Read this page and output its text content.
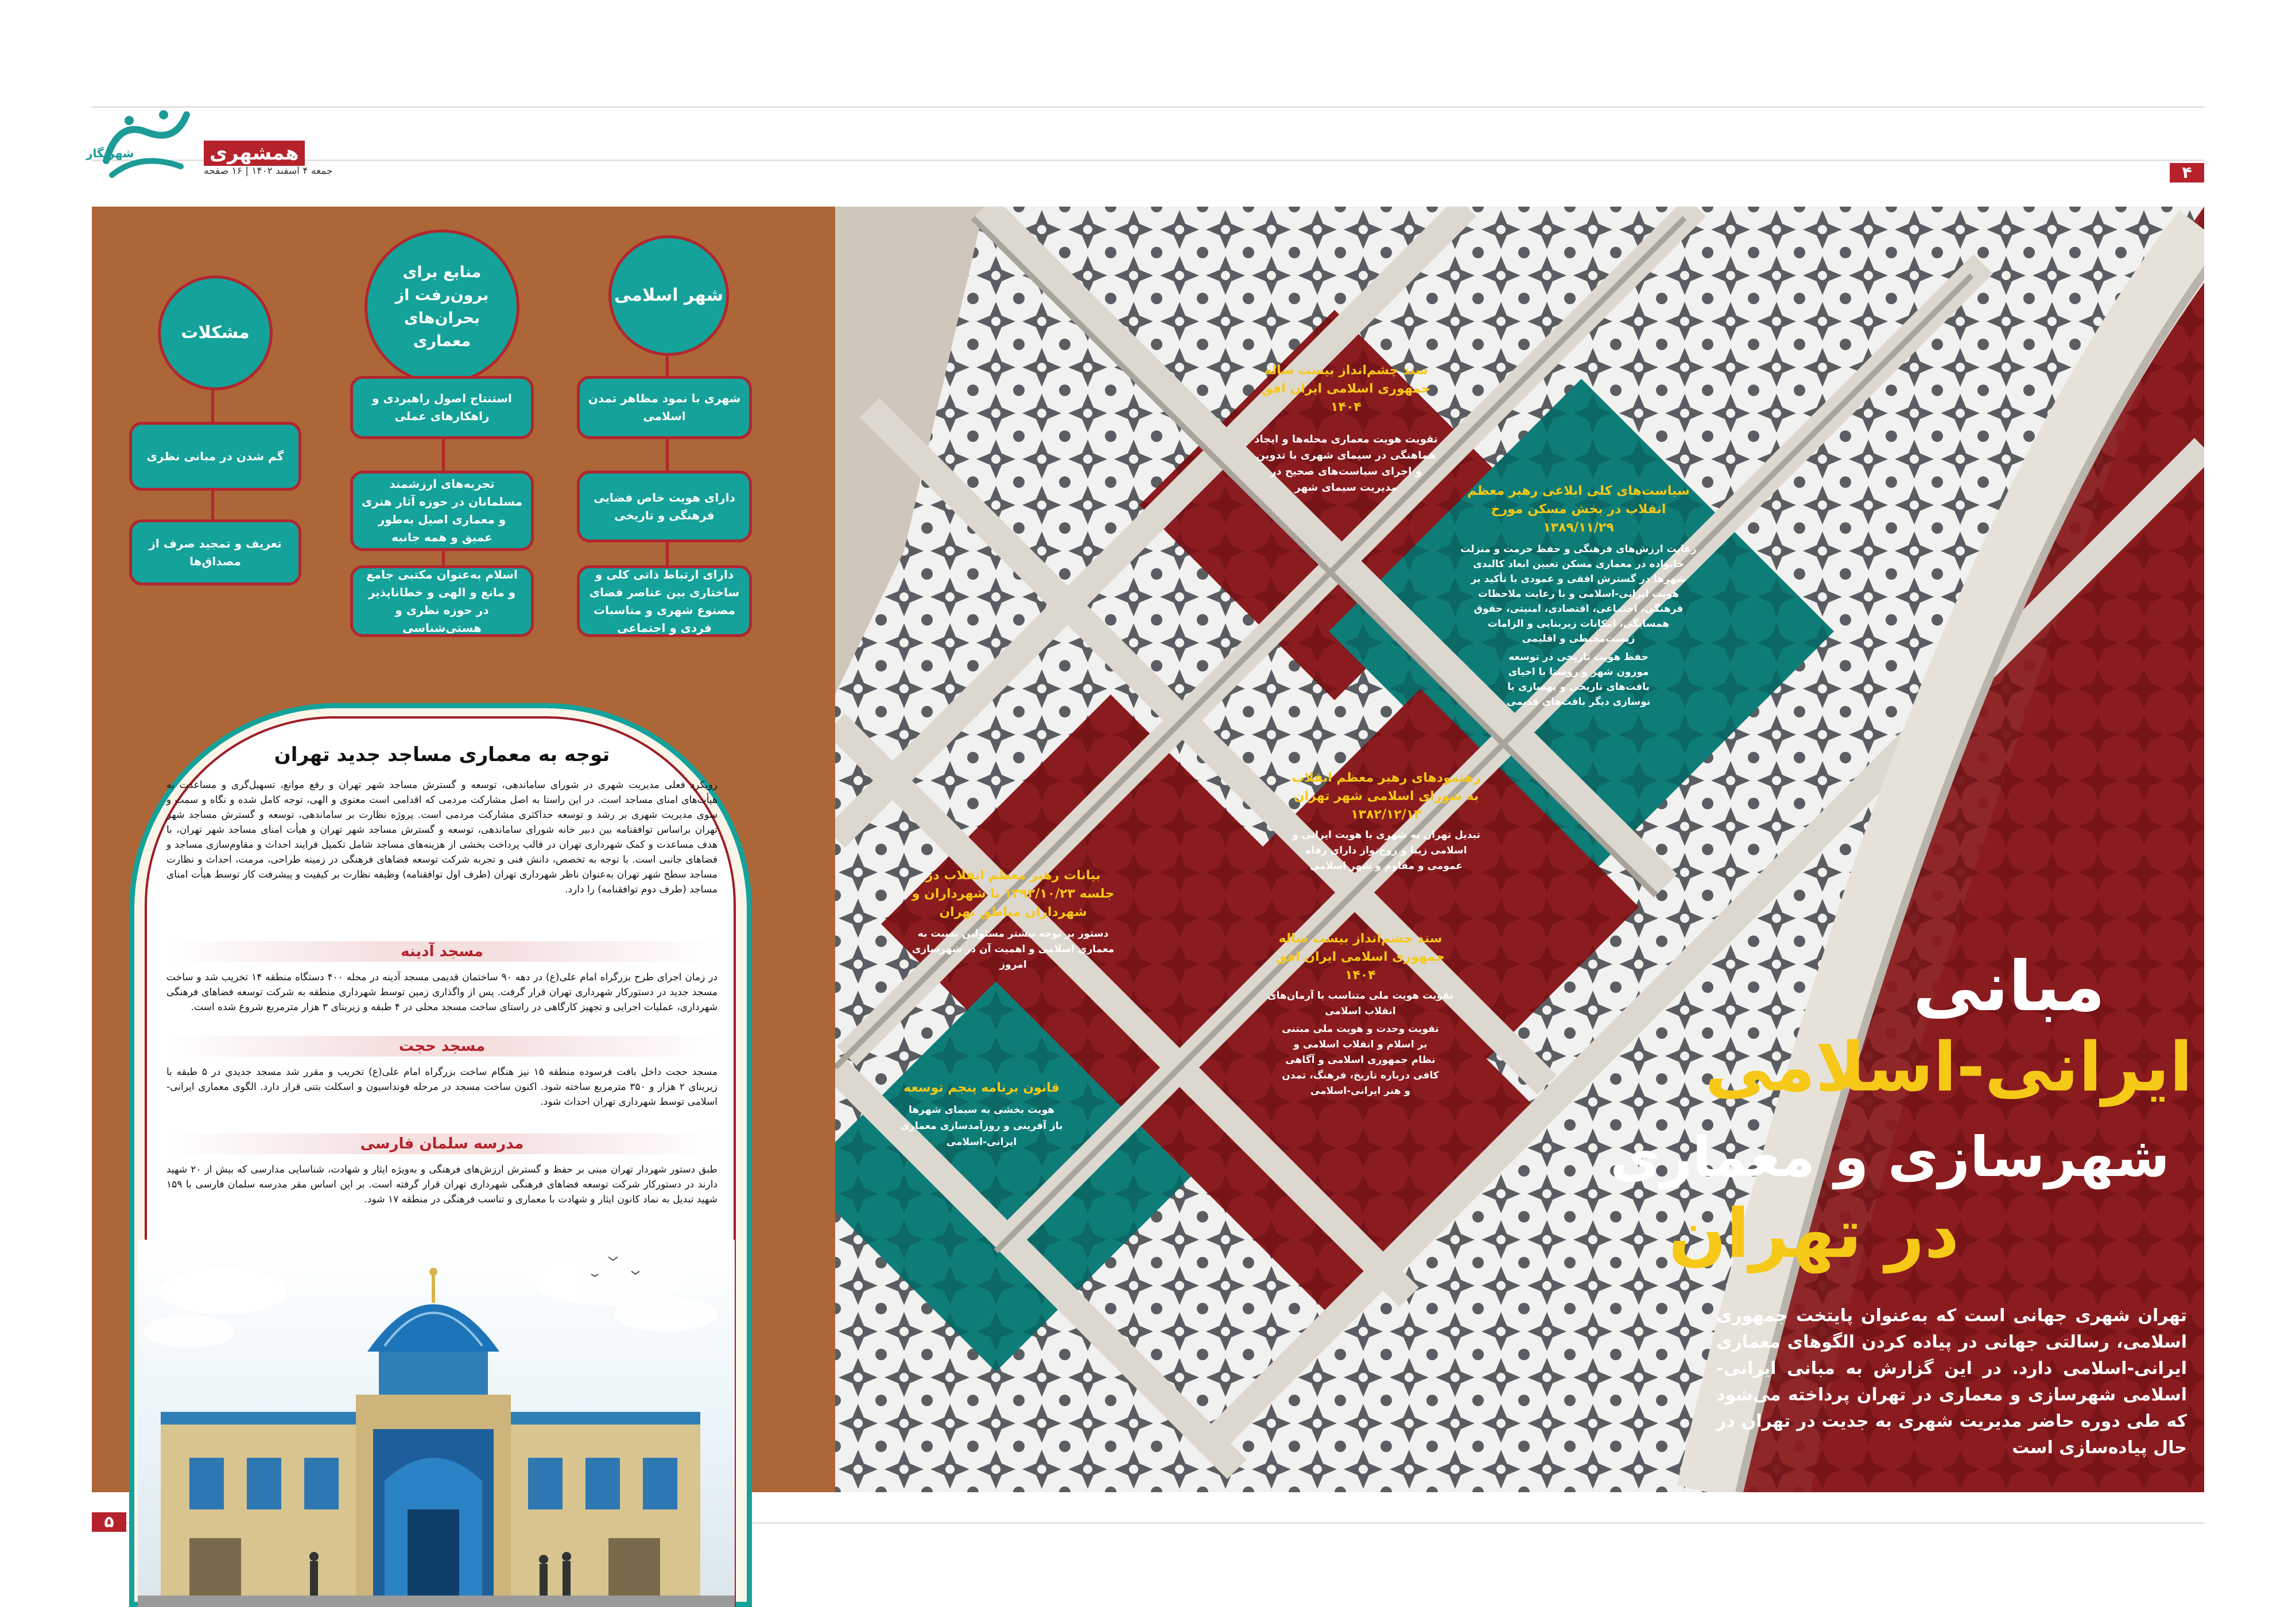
شهرنگار	همشهری
جمعه ۴ اسفند ۱۴۰۲ | ۱۶ صفحه	۴
۵
شهر اسلامی
شهری با نمود مظاهر تمدن اسلامی
دارای هویت خاص فضایی فرهنگی و تاریخی
دارای ارتباط ذاتی کلی و ساختاری بین عناصر فضای مصنوع شهری و مناسبات فردی و اجتماعی
منابع برای برون‌رفت از بحران‌های معماری
استنتاج اصول راهبردی و راهکارهای عملی
تجربه‌های ارزشمند مسلمانان در حوزه آثار هنری و معماری اصیل به‌طور عمیق و همه جانبه
اسلام به‌عنوان مکتبی جامع و مانع و الهی و خطاناپذیر در حوزه نظری و هستی‌شناسی
مشکلات
گم شدن در مبانی نظری
تعریف و تمجید صرف از مصداق‌ها
توجه به معماری مساجد جدید تهران
رویکرد فعلی مدیریت شهری در شورای ساماندهی، توسعه و گسترش مساجد شهر تهران و رفع موانع، تسهیل‌گری و مساعدت به هیأت‌های امنای مساجد است. در این راستا به اصل مشارکت مردمی که اقدامی است معنوی و الهی، توجه کامل شده و نگاه و سمت و سوی مدیریت شهری بر رشد و توسعه حداکثری مشارکت مردمی است. پروژه نظارت بر ساماندهی، توسعه و گسترش مساجد شهر تهران براساس توافقنامه بین دبیر خانه شورای ساماندهی، توسعه و گسترش مساجد شهر تهران و هیأت امنای مساجد شهر تهران، با هدف مساعدت و کمک شهرداری تهران در قالب پرداخت بخشی از هزینه‌های مساجد شامل تکمیل فرایند احداث و مقاوم‌سازی مساجد و فضاهای جانبی است. با توجه به تخصص، دانش فنی و تجربه شرکت توسعه فضاهای فرهنگی در زمینه طراحی، مرمت، احداث و نظارت مساجد سطح شهر تهران به‌عنوان ناظر شهرداری تهران (طرف اول توافقنامه) وظیفه نظارت بر کیفیت و پیشرفت کار توسط هیأت امنای مساجد (طرف دوم توافقنامه) را دارد.
مسجد آدینه
در زمان اجرای طرح بزرگراه امام علی(ع) در دهه ۹۰ ساختمان قدیمی مسجد آدینه در محله ۴۰۰ دستگاه منطقه ۱۴ تخریب شد و ساخت مسجد جدید در دستورکار شهرداری تهران قرار گرفت. پس از واگذاری زمین توسط شهرداری منطقه به شرکت توسعه فضاهای فرهنگی شهرداری، عملیات اجرایی و تجهیز کارگاهی در راستای ساخت مسجد محلی در ۴ طبقه و زیربنای ۳ هزار مترمربع شروع شده است.
مسجد حجت
مسجد حجت داخل بافت فرسوده منطقه ۱۵ نیز هنگام ساخت بزرگراه امام علی(ع) تخریب و مقرر شد مسجد جدیدی در ۵ طبقه با زیربنای ۲ هزار و ۳۵۰ مترمربع ساخته شود. اکنون ساخت مسجد در مرحله فونداسیون و اسکلت بتنی قرار دارد. الگوی معماری ایرانی-اسلامی توسط شهرداری تهران احداث شود.
مدرسه سلمان فارسی
طبق دستور شهردار تهران مبنی بر حفظ و گسترش ارزش‌های فرهنگی و به‌ویژه ایثار و شهادت، شناسایی مدارسی که بیش از ۲۰ شهید دارند در دستورکار شرکت توسعه فضاهای فرهنگی شهرداری تهران قرار گرفته است. بر این اساس مقر مدرسه سلمان فارسی با ۱۵۹ شهید تبدیل به نماد کانون ایثار و شهادت با معماری و تناسب فرهنگی در منطقه ۱۷ شود.
سند چشم‌انداز بیست ساله جمهوری اسلامی ایران افق ۱۴۰۴
تقویت هویت معماری محله‌ها و ایجاد هماهنگی در سیمای شهری با تدوین و اجرای سیاست‌های صحیح در مدیریت سیمای شهر	سیاست‌های کلی ابلاغی رهبر معظم انقلاب در بخش مسکن مورخ ۱۳۸۹/۱۱/۲۹
رعایت ارزش‌های فرهنگی و حفظ حرمت و منزلت خانواده در معماری مسکن تعیین ابعاد کالبدی شهرها در گسترش افقی و عمودی با تأکید بر هویت ایرانی-اسلامی و با رعایت ملاحظات فرهنگی، اجتماعی، اقتصادی، امنیتی، حقوق همسایگی، امکانات زیربنایی و الزامات زیست‌محیطی و اقلیمی
حفظ هویت تاریخی در توسعه موزون شهر و روستا با احیای بافت‌های تاریخی و بهسازی یا نوسازی دیگر بافت‌های قدیمی
رهنمودهای رهبر معظم انقلاب به شورای اسلامی شهر تهران ۱۳۸۲/۱۲/۱۳
تبدیل تهران به شهری با هویت ایرانی و اسلامی زیبا و روح‌نواز دارای رفاه عمومی و مقاوم و شهر اسلامی
بیانات رهبر معظم انقلاب در جلسه ۱۳۹۲/۱۰/۲۳ با شهرداران و شهرداران مناطق تهران
دستور بر توجه بیشتر مسئولین نسبت به معماری اسلامی و اهمیت آن در شهرسازی امروز
سند چشم‌انداز بیست ساله جمهوری اسلامی ایران افق ۱۴۰۴
تقویت هویت ملی متناسب با آرمان‌های انقلاب اسلامی
تقویت وحدت و هویت ملی مبتنی بر اسلام و انقلاب اسلامی و نظام جمهوری اسلامی و آگاهی کافی درباره تاریخ، فرهنگ، تمدن و هنر ایرانی-اسلامی
قانون برنامه پنجم توسعه
هویت بخشی به سیمای شهرها
باز آفرینی و روزآمدسازی معماری ایرانی-اسلامی
مبانی
ایرانی-اسلامی
شهرسازی و معماری
در تهران
تهران شهری جهانی است که به‌عنوان پایتخت جمهوری اسلامی، رسالتی جهانی در پیاده کردن الگوهای معماری ایرانی-اسلامی دارد. در این گزارش به مبانی ایرانی-اسلامی شهرسازی و معماری در تهران پرداخته می‌شود که طی دوره حاضر مدیریت شهری به جدیت در تهران در حال پیاده‌سازی است
